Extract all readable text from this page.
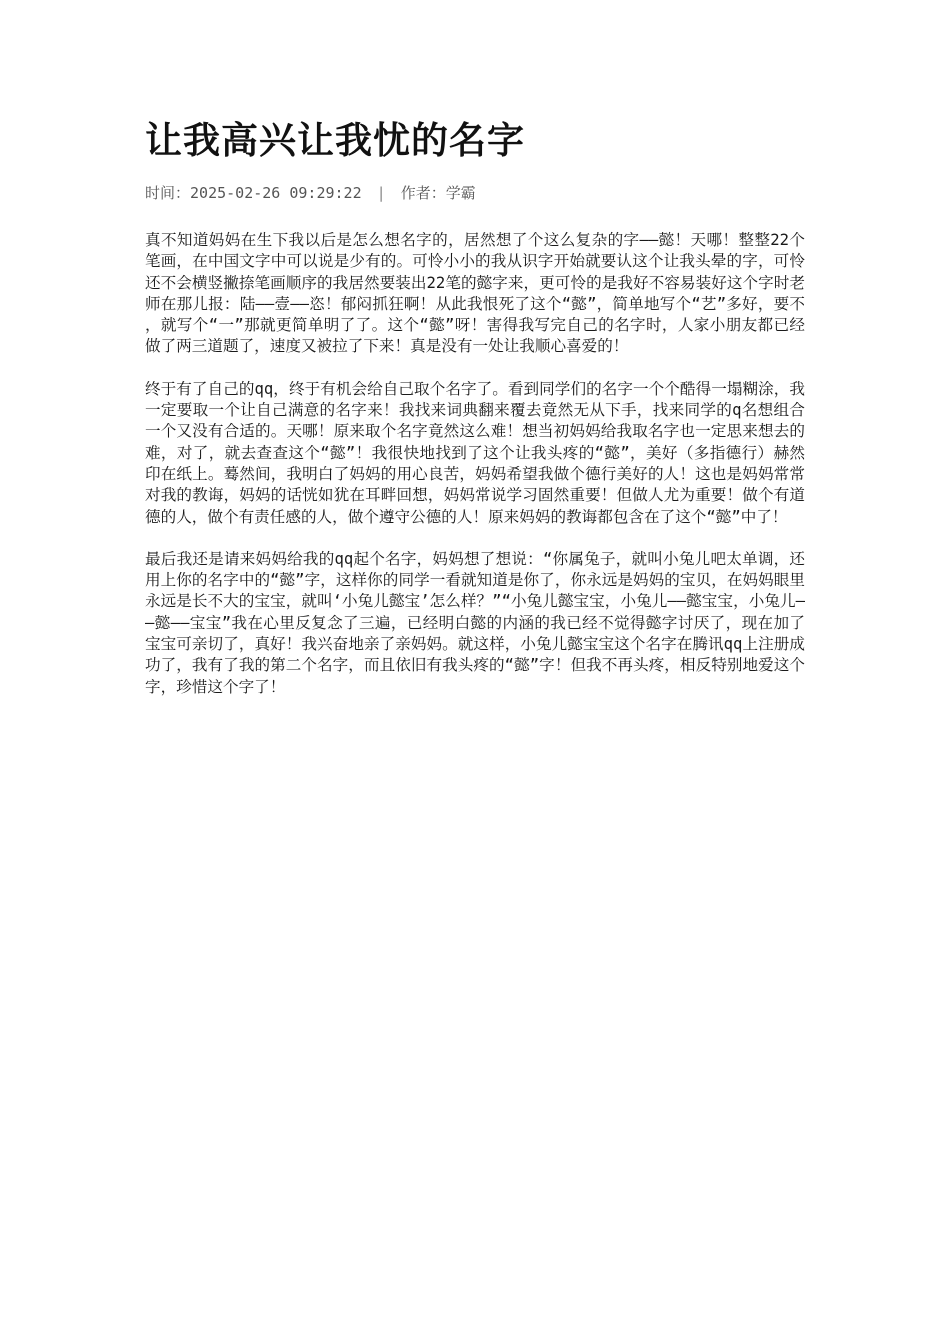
让我高兴让我忧的名字
时间：2025-02-26 09:29:22 | 作者：学霸

真不知道妈妈在生下我以后是怎么想名字的，居然想了个这么复杂的字——懿！天哪！整整22个笔画，在中国文字中可以说是少有的。可怜小小的我从识字开始就要认这个让我头晕的字，可怜还不会横竖撇捺笔画顺序的我居然要装出22笔的懿字来，更可怜的是我好不容易装好这个字时老师在那儿报：陆——壹——恣！郁闷抓狂啊！从此我恨死了这个“懿”，简单地写个“艺”多好，要不，就写个“一”那就更简单明了了。这个“懿”呀！害得我写完自己的名字时，人家小朋友都已经做了两三道题了，速度又被拉了下来！真是没有一处让我顺心喜爱的！

终于有了自己的qq，终于有机会给自己取个名字了。看到同学们的名字一个个酷得一塌糊涂，我一定要取一个让自己满意的名字来！我找来词典翻来覆去竟然无从下手，找来同学的q名想组合一个又没有合适的。天哪！原来取个名字竟然这么难！想当初妈妈给我取名字也一定思来想去的难，对了，就去查查这个“懿”！我很快地找到了这个让我头疼的“懿”，美好（多指德行）赫然印在纸上。蓦然间，我明白了妈妈的用心良苦，妈妈希望我做个德行美好的人！这也是妈妈常常对我的教诲，妈妈的话恍如犹在耳畔回想，妈妈常说学习固然重要！但做人尤为重要！做个有道德的人，做个有责任感的人，做个遵守公德的人！原来妈妈的教诲都包含在了这个“懿”中了！

最后我还是请来妈妈给我的qq起个名字，妈妈想了想说：“你属兔子，就叫小兔儿吧太单调，还用上你的名字中的“懿”字，这样你的同学一看就知道是你了，你永远是妈妈的宝贝，在妈妈眼里永远是长不大的宝宝，就叫‘小兔儿懿宝’怎么样？”“小兔儿懿宝宝，小兔儿——懿宝宝，小兔儿——懿——宝宝”我在心里反复念了三遍，已经明白懿的内涵的我已经不觉得懿字讨厌了，现在加了宝宝可亲切了，真好！我兴奋地亲了亲妈妈。就这样，小兔儿懿宝宝这个名字在腾讯qq上注册成功了，我有了我的第二个名字，而且依旧有我头疼的“懿”字！但我不再头疼，相反特别地爱这个字，珍惜这个字了！
